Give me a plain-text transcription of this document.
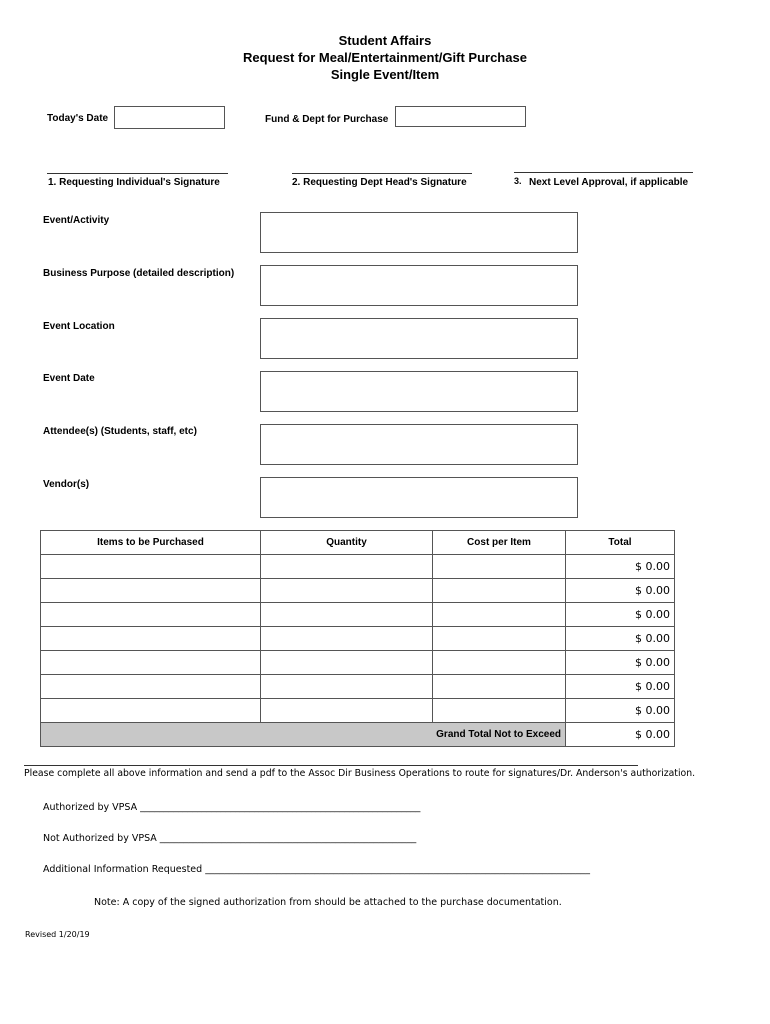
Student Affairs
Request for Meal/Entertainment/Gift Purchase
Single Event/Item
Today's Date	Fund & Dept for Purchase
1. Requesting Individual's Signature	2. Requesting Dept Head's Signature	3. Next Level Approval, if applicable
Event/Activity
Business Purpose (detailed description)
Event Location
Event Date
Attendee(s) (Students, staff, etc)
Vendor(s)
Items to be Purchased	Quantity	Cost per Item	Total
			$ 0.00
			$ 0.00
			$ 0.00
			$ 0.00
			$ 0.00
			$ 0.00
			$ 0.00
Grand Total Not to Exceed			$ 0.00
Please complete all above information and send a pdf to the Assoc Dir Business Operations to route for signatures/Dr. Anderson's authorization.
Authorized by VPSA ___________________________________________________________
Not Authorized by VPSA ______________________________________________________
Additional Information Requested _________________________________________________________________________________
Note: A copy of the signed authorization from should be attached to the purchase documentation.
Revised 1/20/19
